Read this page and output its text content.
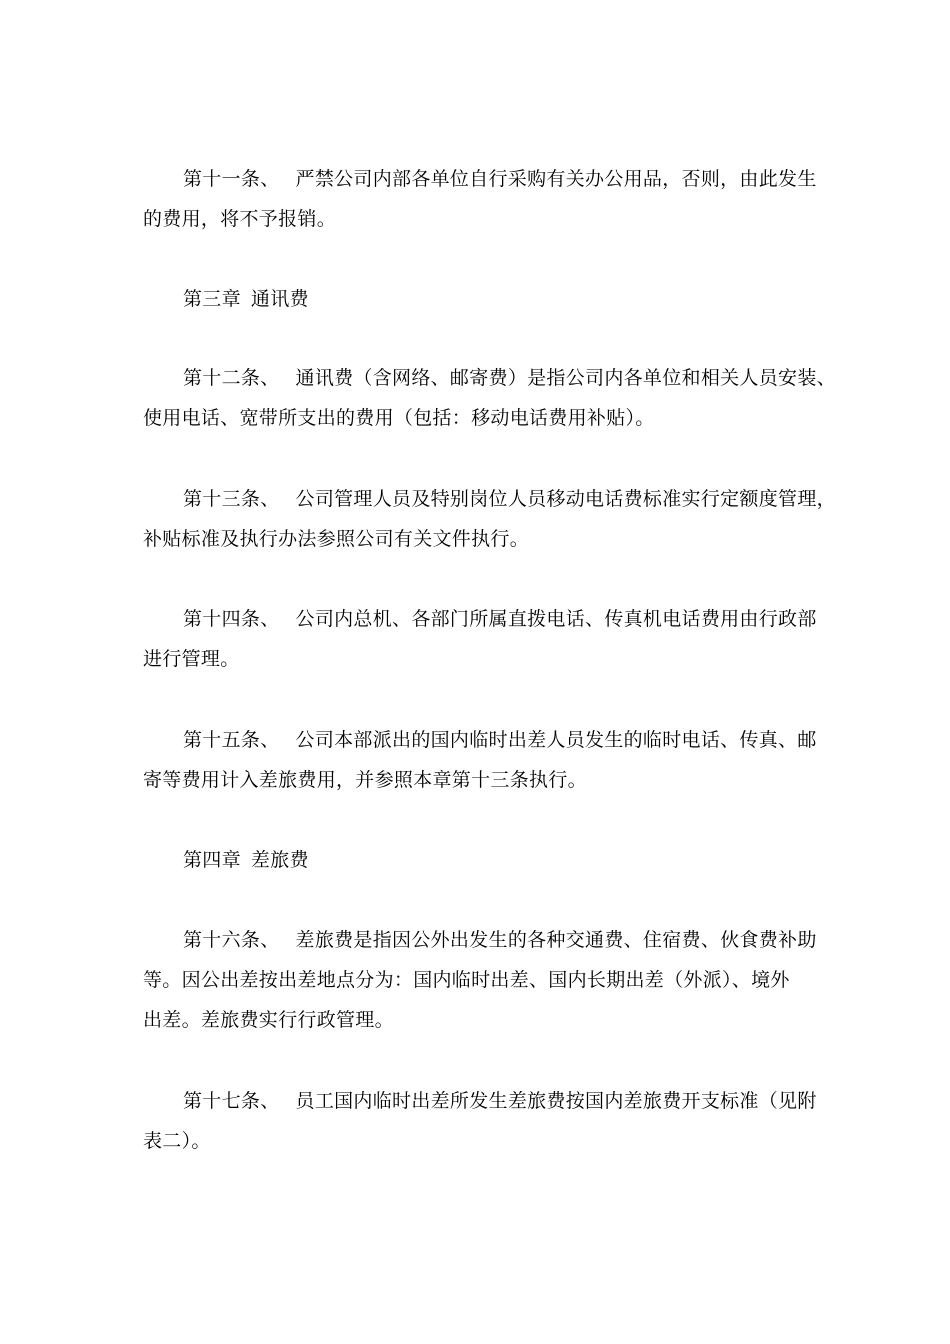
第十一条、 严禁公司内部各单位自行采购有关办公用品，否则，由此发生
的费用，将不予报销。
第三章 通讯费
第十二条、 通讯费（含网络、邮寄费）是指公司内各单位和相关人员安装、
使用电话、宽带所支出的费用（包括：移动电话费用补贴）。
第十三条、 公司管理人员及特别岗位人员移动电话费标准实行定额度管理，
补贴标准及执行办法参照公司有关文件执行。
第十四条、 公司内总机、各部门所属直拨电话、传真机电话费用由行政部
进行管理。
第十五条、 公司本部派出的国内临时出差人员发生的临时电话、传真、邮
寄等费用计入差旅费用，并参照本章第十三条执行。
第四章 差旅费
第十六条、 差旅费是指因公外出发生的各种交通费、住宿费、伙食费补助
等。因公出差按出差地点分为：国内临时出差、国内长期出差（外派）、境外
出差。差旅费实行行政管理。
第十七条、 员工国内临时出差所发生差旅费按国内差旅费开支标准（见附
表二）。
